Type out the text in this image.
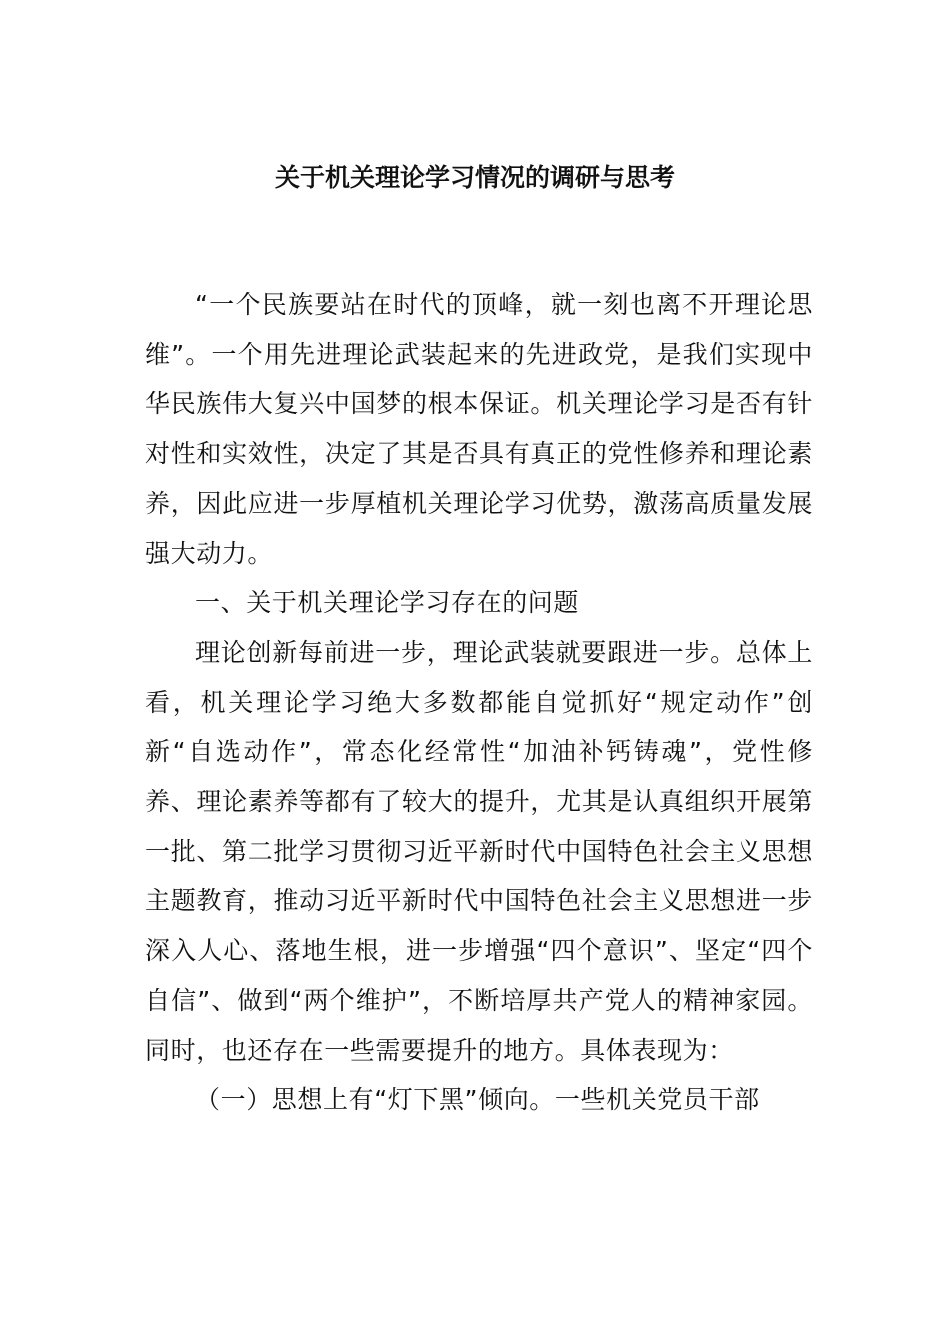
关于机关理论学习情况的调研与思考

“一个民族要站在时代的顶峰，就一刻也离不开理论思维”。一个用先进理论武装起来的先进政党，是我们实现中华民族伟大复兴中国梦的根本保证。机关理论学习是否有针对性和实效性，决定了其是否具有真正的党性修养和理论素养，因此应进一步厚植机关理论学习优势，激荡高质量发展强大动力。

一、关于机关理论学习存在的问题

理论创新每前进一步，理论武装就要跟进一步。总体上看，机关理论学习绝大多数都能自觉抓好“规定动作”创新“自选动作”，常态化经常性“加油补钙铸魂”，党性修养、理论素养等都有了较大的提升，尤其是认真组织开展第一批、第二批学习贯彻习近平新时代中国特色社会主义思想主题教育，推动习近平新时代中国特色社会主义思想进一步深入人心、落地生根，进一步增强“四个意识”、坚定“四个自信”、做到“两个维护”，不断培厚共产党人的精神家园。同时，也还存在一些需要提升的地方。具体表现为：

（一）思想上有“灯下黑”倾向。一些机关党员干部
